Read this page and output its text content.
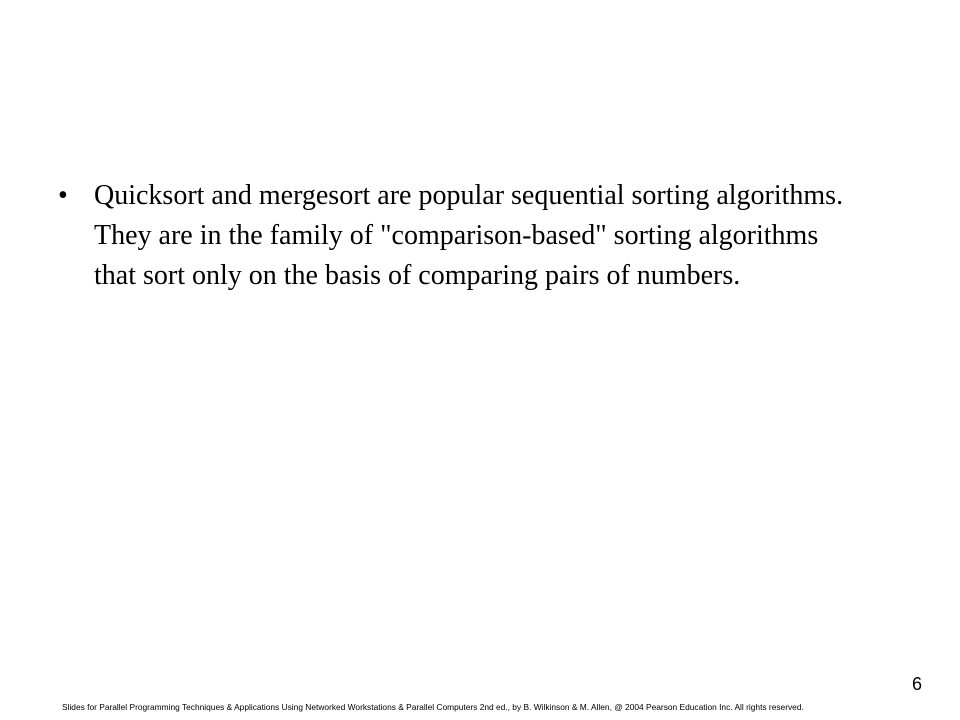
• Quicksort and mergesort are popular sequential sorting algorithms. They are in the family of "comparison-based" sorting algorithms that sort only on the basis of comparing pairs of numbers.
Slides for Parallel Programming Techniques & Applications Using Networked Workstations & Parallel Computers 2nd ed., by B. Wilkinson & M. Allen, @ 2004 Pearson Education Inc. All rights reserved.
6
